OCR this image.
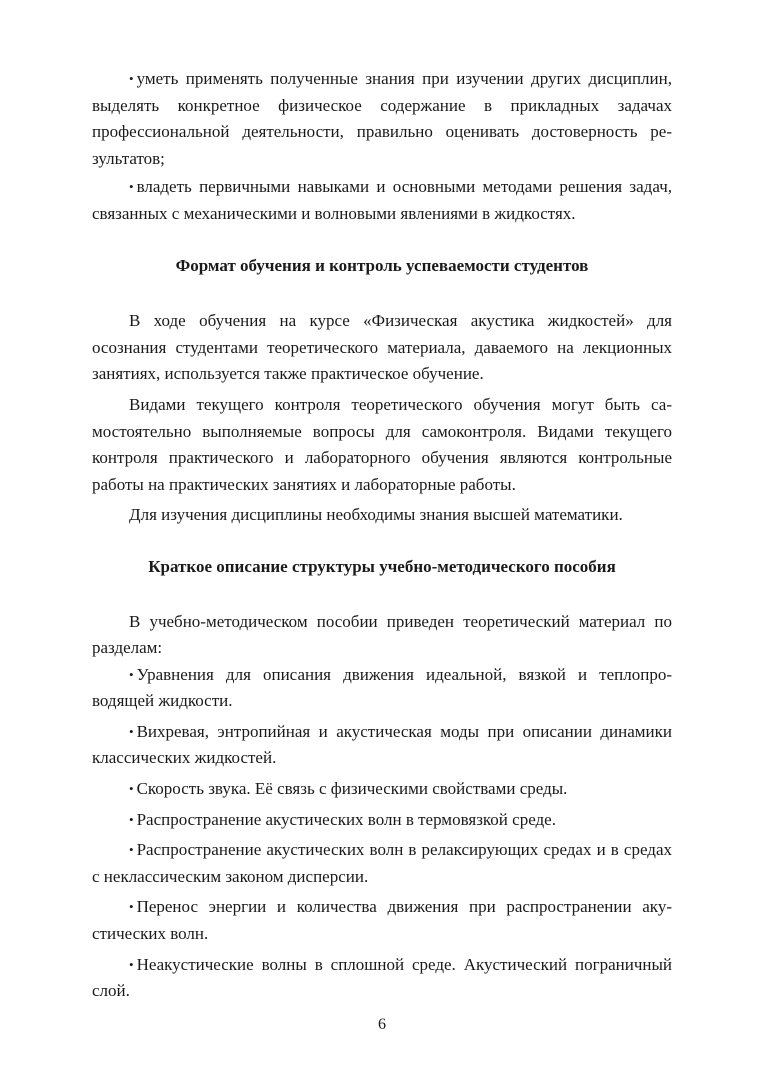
• уметь применять полученные знания при изучении других дисциплин, выделять конкретное физическое содержание в прикладных задачах профессиональной деятельности, правильно оценивать достоверность результатов;

• владеть первичными навыками и основными методами решения задач, связанных с механическими и волновыми явлениями в жидкостях.

Формат обучения и контроль успеваемости студентов

В ходе обучения на курсе «Физическая акустика жидкостей» для осознания студентами теоретического материала, даваемого на лекционных занятиях, используется также практическое обучение.

Видами текущего контроля теоретического обучения могут быть самостоятельно выполняемые вопросы для самоконтроля. Видами текущего контроля практического и лабораторного обучения являются контрольные работы на практических занятиях и лабораторные работы.

Для изучения дисциплины необходимы знания высшей математики.

Краткое описание структуры учебно-методического пособия

В учебно-методическом пособии приведен теоретический материал по разделам:

• Уравнения для описания движения идеальной, вязкой и теплопроводящей жидкости.

• Вихревая, энтропийная и акустическая моды при описании динамики классических жидкостей.

• Скорость звука. Её связь с физическими свойствами среды.

• Распространение акустических волн в термовязкой среде.

• Распространение акустических волн в релаксирующих средах и в средах с неклассическим законом дисперсии.

• Перенос энергии и количества движения при распространении акустических волн.

• Неакустические волны в сплошной среде. Акустический пограничный слой.

6
